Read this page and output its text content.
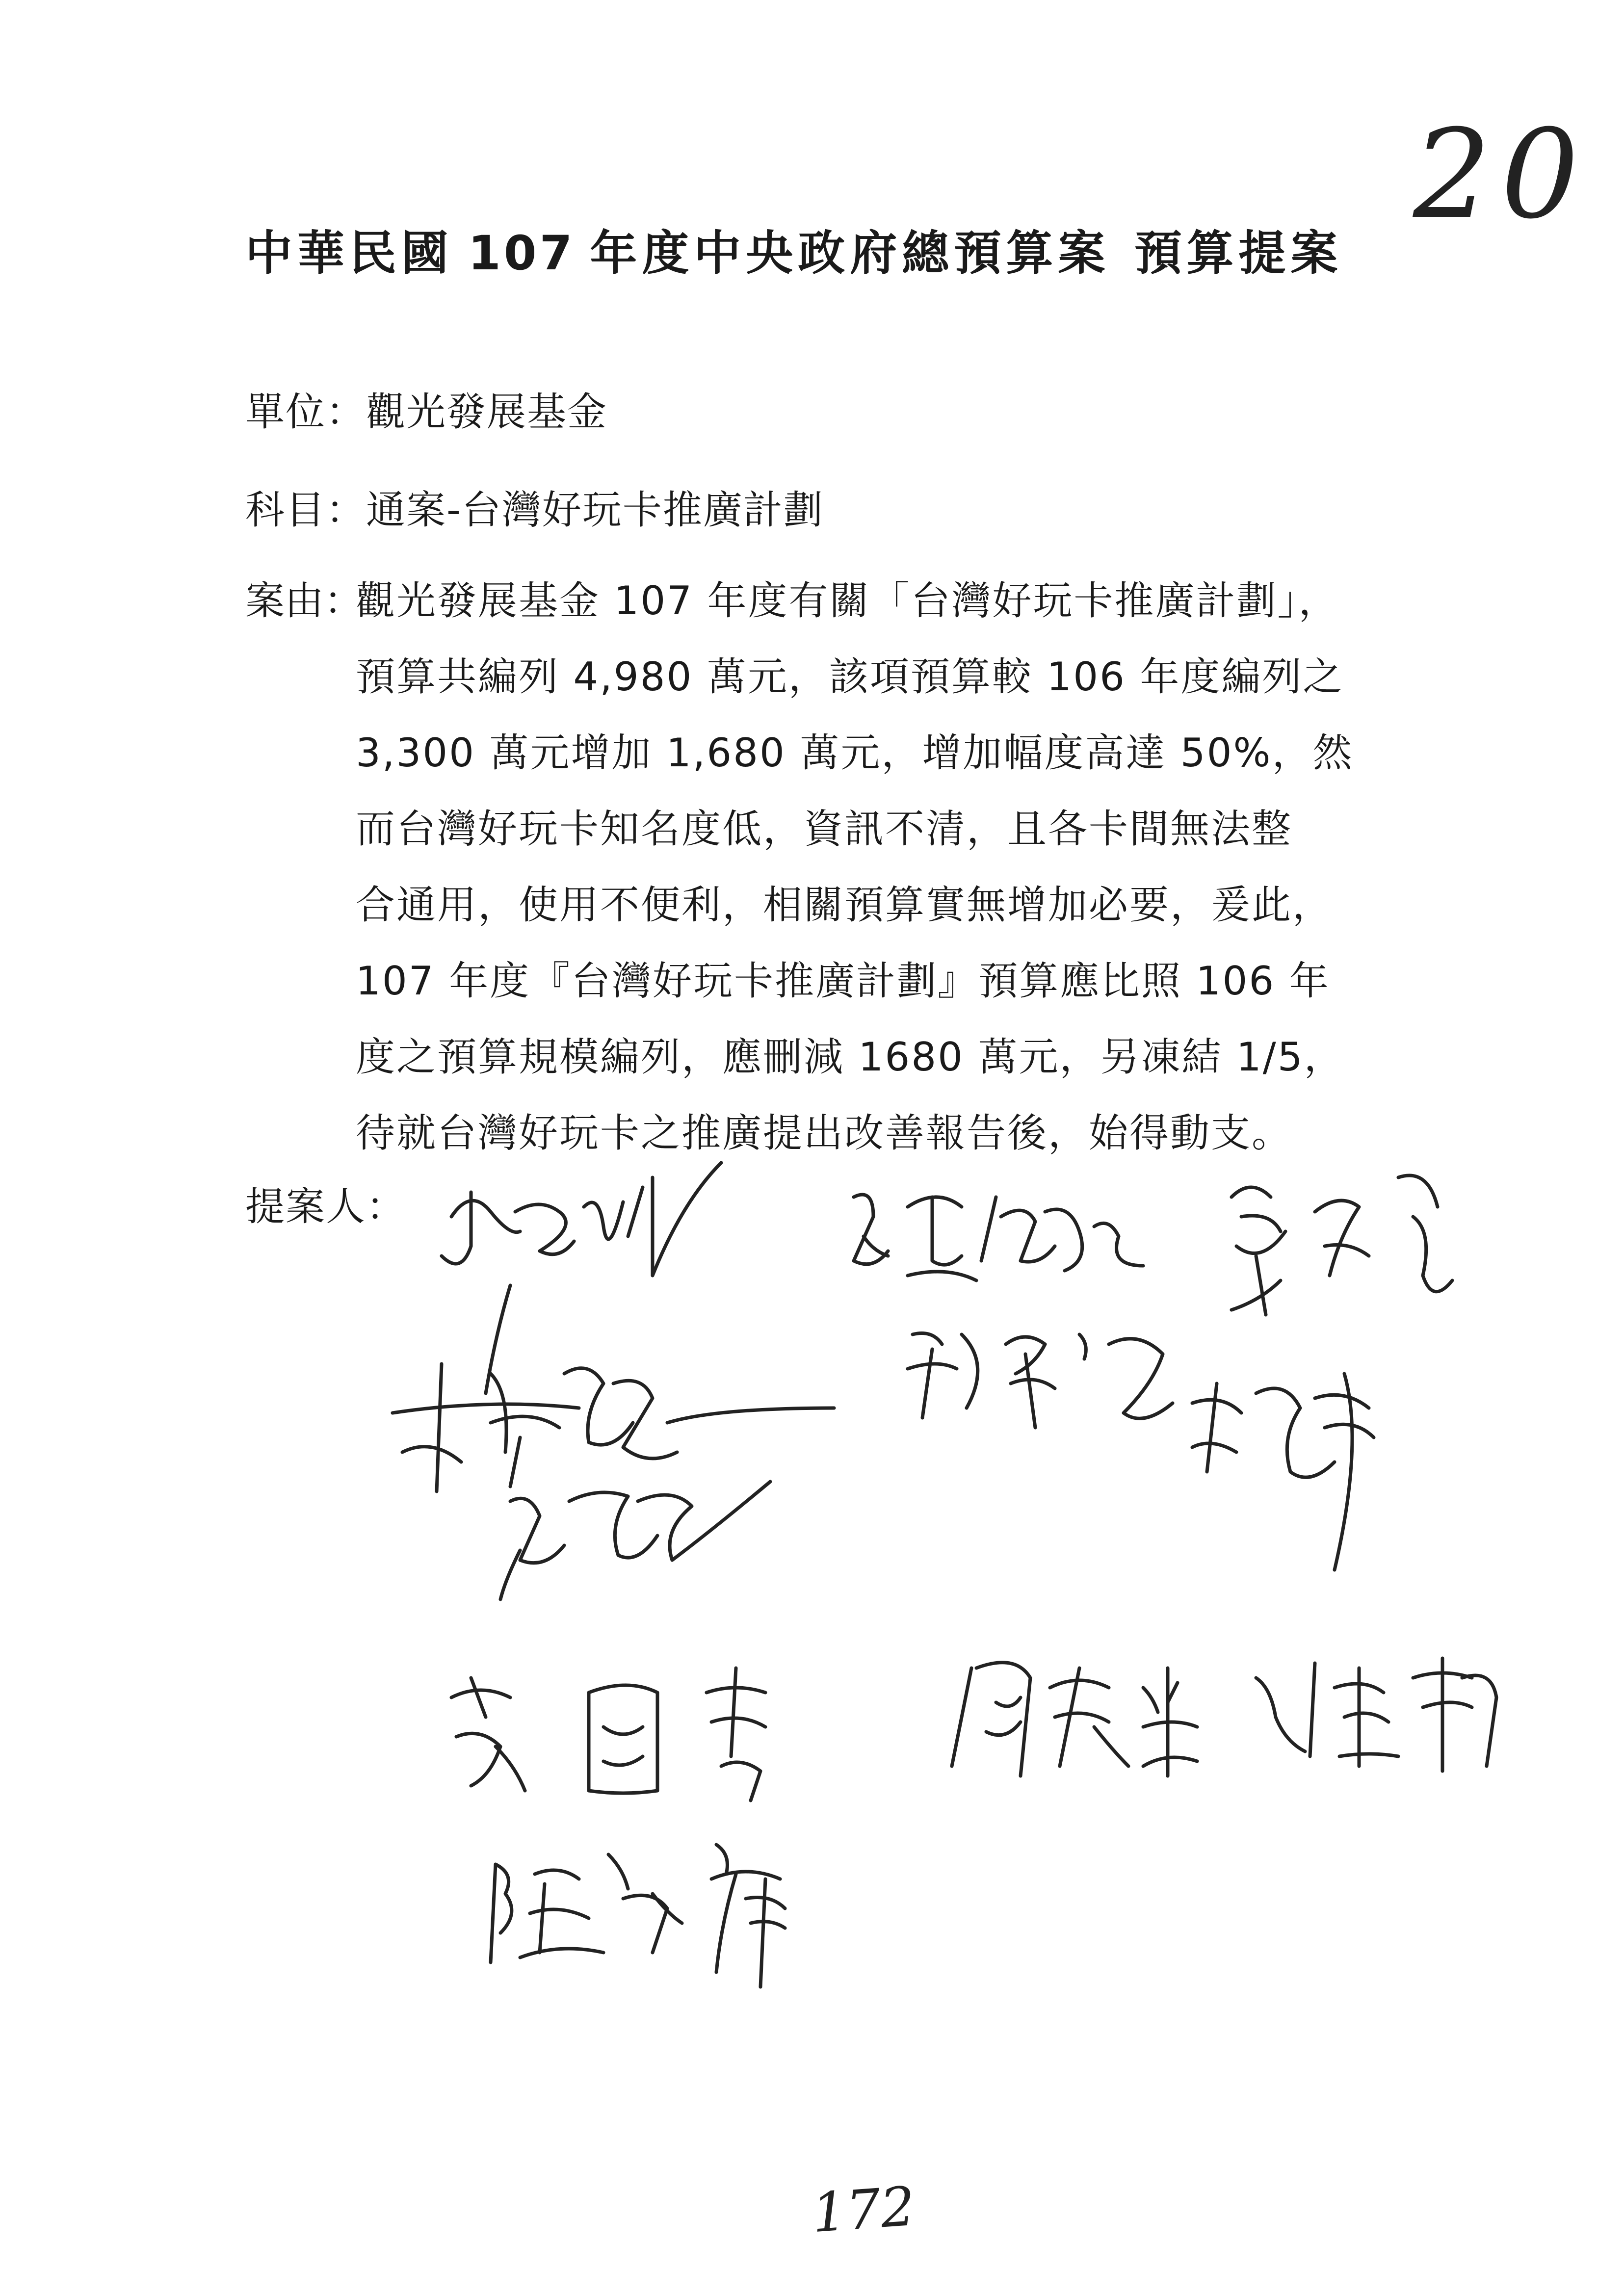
20
中華民國 107 年度中央政府總預算案 預算提案
單位：觀光發展基金
科目：通案-台灣好玩卡推廣計劃
案由：
觀光發展基金 107 年度有關「台灣好玩卡推廣計劃」，
預算共編列 4,980 萬元，該項預算較 106 年度編列之
3,300 萬元增加 1,680 萬元，增加幅度高達 50%，然
而台灣好玩卡知名度低，資訊不清，且各卡間無法整
合通用，使用不便利，相關預算實無增加必要，爰此，
107 年度『台灣好玩卡推廣計劃』預算應比照 106 年
度之預算規模編列，應刪減 1680 萬元，另凍結 1/5，
待就台灣好玩卡之推廣提出改善報告後，始得動支。
提案人：
172
